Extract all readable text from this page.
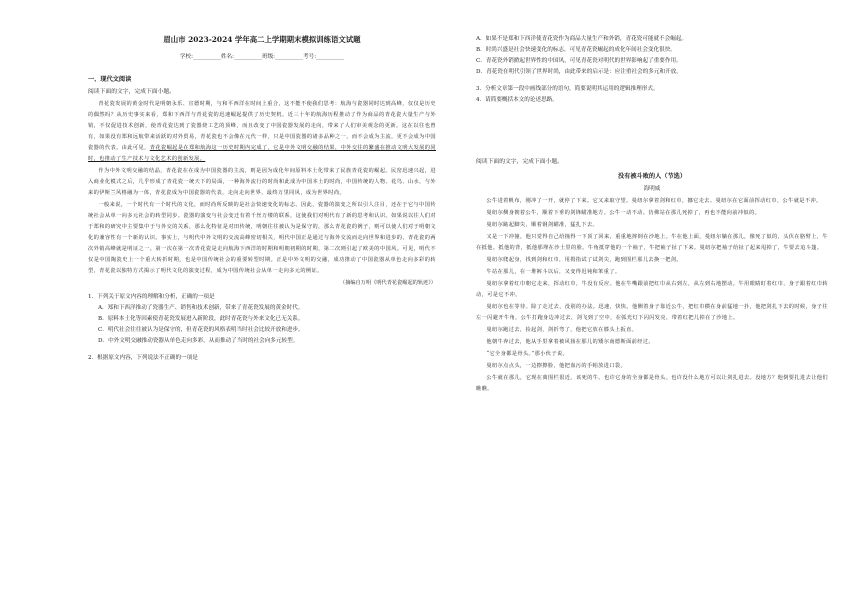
眉山市 2023-2024 学年高二上学期期末模拟训练语文试题
学校:__________姓名:__________班级:__________考号:__________
一、现代文阅读
阅读下面的文字，完成下面小题。

青花瓷发展的黄金时代是明朝永乐、宣德时期，与和平西洋在时间上重合，这不能不使我们思考：航海与瓷器同时达到高峰，仅仅是历史的偶然吗？从历史事实来看，郑和下西洋与青花瓷的迅速崛起提供了历史契机。近三十年的航海历程推动了作为商品的青花瓷大量生产与外销，不仅促进技术创新，使青花瓷达到了瓷器烧工艺的顶峰，而且改变了中国瓷器发展的走向，带来了人们审美观念的更新。这在以往也曾有，如果没有郑和远航带来活跃的对外贸易，青花瓷也不会像在元代一样，只是中国瓷器的诸多品种之一，而不会成为主流，更不会成为中国瓷器的代表。由此可见，青花瓷崛起是在郑和航海这一历史时期内完成了，它是中外文明交融的结果，中外交往的繁盛在推动文明大发展的同时，也推动了生产技术与文化艺术的创新发展。

作为中外文明交融的结晶，青花瓷在在成为中国瓷器的主流，则是因为成化年间原料本土化带来了民族青花瓷的崛起。民窑迅速兴起，进入商业化模式之后，几乎形成了青花瓷一统天下的局面，一种海外流行的时尚和此成为中国本土的时尚，中国传统的人物、花鸟、山水，与外来的伊斯兰风格融为一体，青花瓷成为中国瓷器的代表，走向走向世界，最终万里同风，成为世界时尚。

一般来说，一个时代有一个时代的文化，而时尚所反映的是社会快速变化的标志。因此，瓷器的演变之所以引人注目，还在于它与中国传统社会从单一向多元社会的转型同步。瓷器的演变与社会变迁有着千丝万缕的联系，这使我们对明代有了新的思考和认识。如果说以往人们对于郑和的研究中主要集中于与外交的关系，那么化特征是对田传统，明朝往往被认为是保守的，那么青花瓷的例子，则可以使人们对于明朝文化的兼容性有一个新的认识。事实上，与明代中外文明的交流高峰密切相关，明代中国正是通过与海外交流而走向世界和进步的，青花瓷的两次外销高峰就是明证之一。第一次在第一次青花瓷是走向航海下西洋的时期和明朝初期的时期，第二次则引起了欧美的中国风。可见，明代不仅是中国陶瓷史上一个重大转折时期，也是中国传统社会的重要转型时期。正是中外文明的交融，成功推动了中国瓷器从单色走向多彩的转型，青花瓷以独特方式揭示了明代文化的演变过程，成为中国传统社会从单一走向多元的例证。

（摘编自万明《明代青花瓷崛起的轨迹》）
1．下列关于原文内容的理解和分析，正确的一项是
A．郑和下西洋推动了瓷器生产、销售和技术创新，带来了青花瓷发展的黄金时代。
B．原料本土化等因素使青花瓷发展进入新阶段，此时青花瓷与外来文化已无关系。
C．明代社会往往被认为是保守的，但青花瓷的风格表明当时社会比较开放和进步。
D．中外文明交融推动瓷器从单色走向多彩，从而推动了当时的社会向多元转型。
2．根据原文内容，下列说法不正确的一项是
A．如果不是郑和下西洋使青花瓷作为商品大量生产和外销，青花瓷可能就不会崛起。
B．时尚兴盛是社会快速变化的标志，可见青花瓷崛起的成化年间社会变化很快。
C．青花瓷外销掀起世界性的中国风，可见青花瓷对明代的世界影响起了重要作用。
D．青花瓷在明代引领了世界时尚，由此带来的启示是：应注重社会的多元和开放。
3．分析文章第一段中画线部分的语句，简要说明其运用的逻辑推理形式。
4．请简要概括本文的论述思路。
阅读下面的文字，完成下面小题。
没有被斗败的人（节选）
海明威

公牛进着帆布，刚冲了一开，就停了下来。它又来取守望。曼纽尔拿着剑和红巾，挪它走去。曼纽尔在它面前挥动红巾，公牛就是不冲。

曼纽尔侧身朝着公牛，顺着下垂的剑锋瞄准地方。公牛一动不动。仿佛站在那儿死掉了，再也不能向前冲似的。

曼纽尔踮起脚尖，顺着钢剑瞄准，猛扎下去。

又是一下冲撞，他只觉得自己给撞得一下顶了回来，重重地摔倒在沙地上。牛在他上面，曼纽尔躺在那儿，像死了似的，头伏在胳臂上，牛在抵他。抵他的背，抵他那埋在沙土里的脸。牛角抵穿他的一个袖子，牛把袖子扯了下来。曼纽尔把袖子给扯了起来甩掉了，牛要去追斗篷。

曼纽尔爬起身，找到剑和红巾，用拇指试了试剑尖，跑到围栏那儿去换一把剑。

牛站在那儿，在一堆裤斗以后，又变得迟钝和笨重了。

曼纽尔拿着红巾朝它走来，挥动红巾，牛没有反应。他在牛嘴跟前把红巾从右到左，从左到右地摆动。牛用眼睛盯着红巾，身子跟着红巾转动，可是它不冲。

曼纽尔也在等待。除了走过去，没别的办法。迅速，快快。他侧着身子靠近公牛，把红巾横在身前猛地一扑，他把剑扎下去的时候，身子往左一闪避开牛角。公牛打跑身边冲过去，剑飞到了空中，在弧光灯下闪闪发亮，带着红把儿掉在了沙地上。

曼纽尔跑过去，捡起剑，剑折弯了，他把它放在膝头上扳直。

他朝牛奔过去，他从手里拿着被风扬在那儿的矮尔南德斯面前经过。

“它全身都是骨头。”那小伙子说。

曼纽尔点点头，一边擦擦脸，他把血污的手帕放进口袋。

公牛就在那儿，它现在离围栏很近。该死的牛。也许它身的全身都是骨头。也许没什么地方可以让剑扎进去。没地方？他倒要扎进去让他们瞧瞧。
